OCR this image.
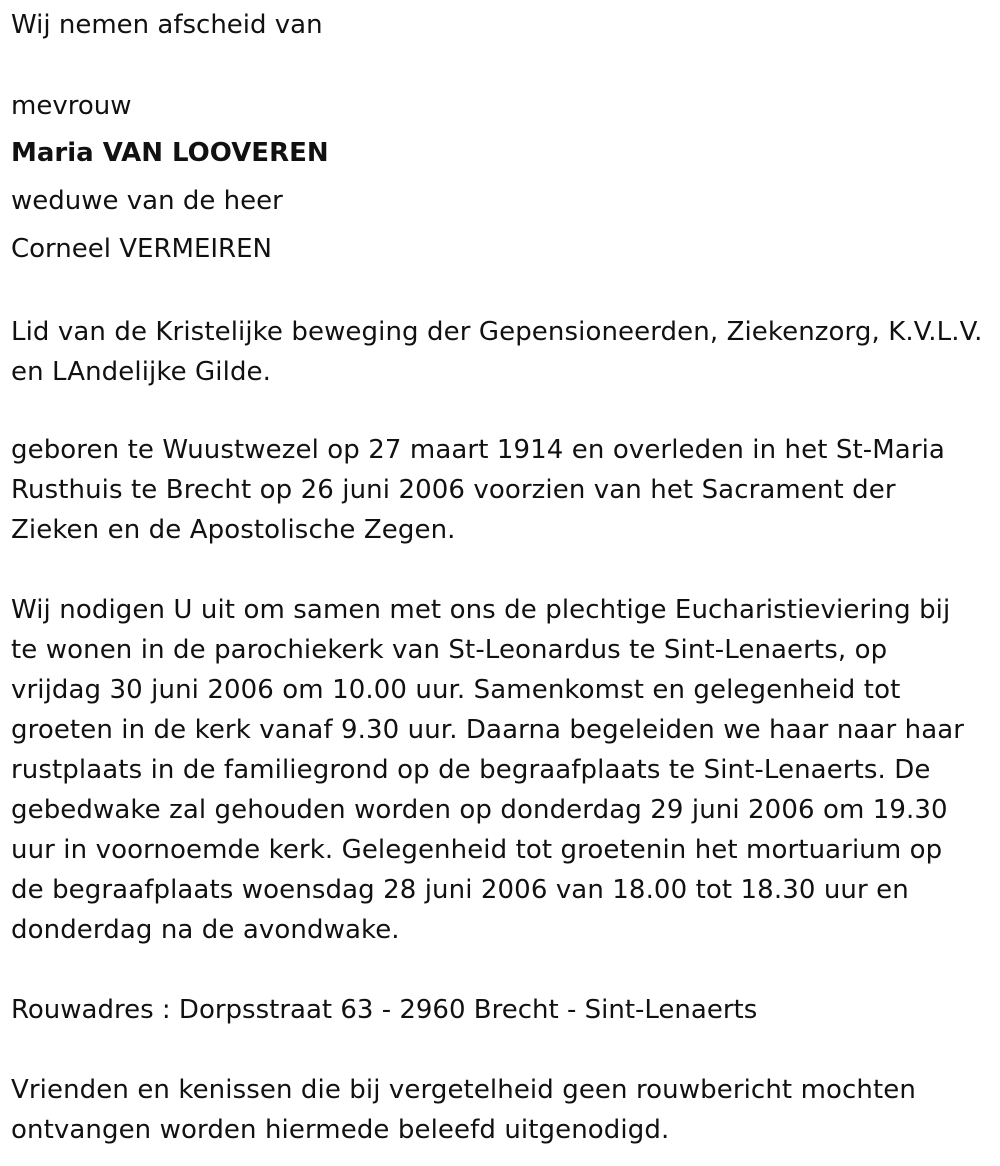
Wij nemen afscheid van
mevrouw
Maria VAN LOOVEREN
weduwe van de heer
Corneel VERMEIREN
Lid van de Kristelijke beweging der Gepensioneerden, Ziekenzorg, K.V.L.V.
en LAndelijke Gilde.
geboren te Wuustwezel op 27 maart 1914 en overleden in het St-Maria
Rusthuis te Brecht op 26 juni 2006 voorzien van het Sacrament der
Zieken en de Apostolische Zegen.
Wij nodigen U uit om samen met ons de plechtige Eucharistieviering bij
te wonen in de parochiekerk van St-Leonardus te Sint-Lenaerts, op
vrijdag 30 juni 2006 om 10.00 uur. Samenkomst en gelegenheid tot
groeten in de kerk vanaf 9.30 uur. Daarna begeleiden we haar naar haar
rustplaats in de familiegrond op de begraafplaats te Sint-Lenaerts. De
gebedwake zal gehouden worden op donderdag 29 juni 2006 om 19.30
uur in voornoemde kerk. Gelegenheid tot groetenin het mortuarium op
de begraafplaats woensdag 28 juni 2006 van 18.00 tot 18.30 uur en
donderdag na de avondwake.
Rouwadres : Dorpsstraat 63 - 2960 Brecht - Sint-Lenaerts
Vrienden en kenissen die bij vergetelheid geen rouwbericht mochten
ontvangen worden hiermede beleefd uitgenodigd.
